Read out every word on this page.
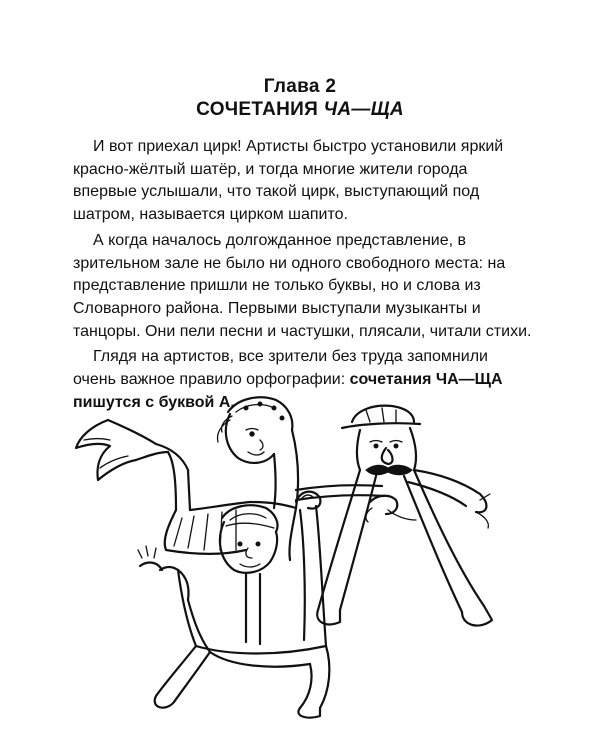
Глава 2
СОЧЕТАНИЯ ЧА—ЩА

И вот приехал цирк! Артисты быстро установили яркий красно-жёлтый шатёр, и тогда многие жители города впервые услышали, что такой цирк, выступающий под шатром, называется цирком шапито.

А когда началось долгожданное представление, в зрительном зале не было ни одного свободного места: на представление пришли не только буквы, но и слова из Словарного района. Первыми выступали музыканты и танцоры. Они пели песни и частушки, плясали, читали стихи.

Глядя на артистов, все зрители без труда запомнили очень важное правило орфографии: сочетания ЧА—ЩА пишутся с буквой А.
